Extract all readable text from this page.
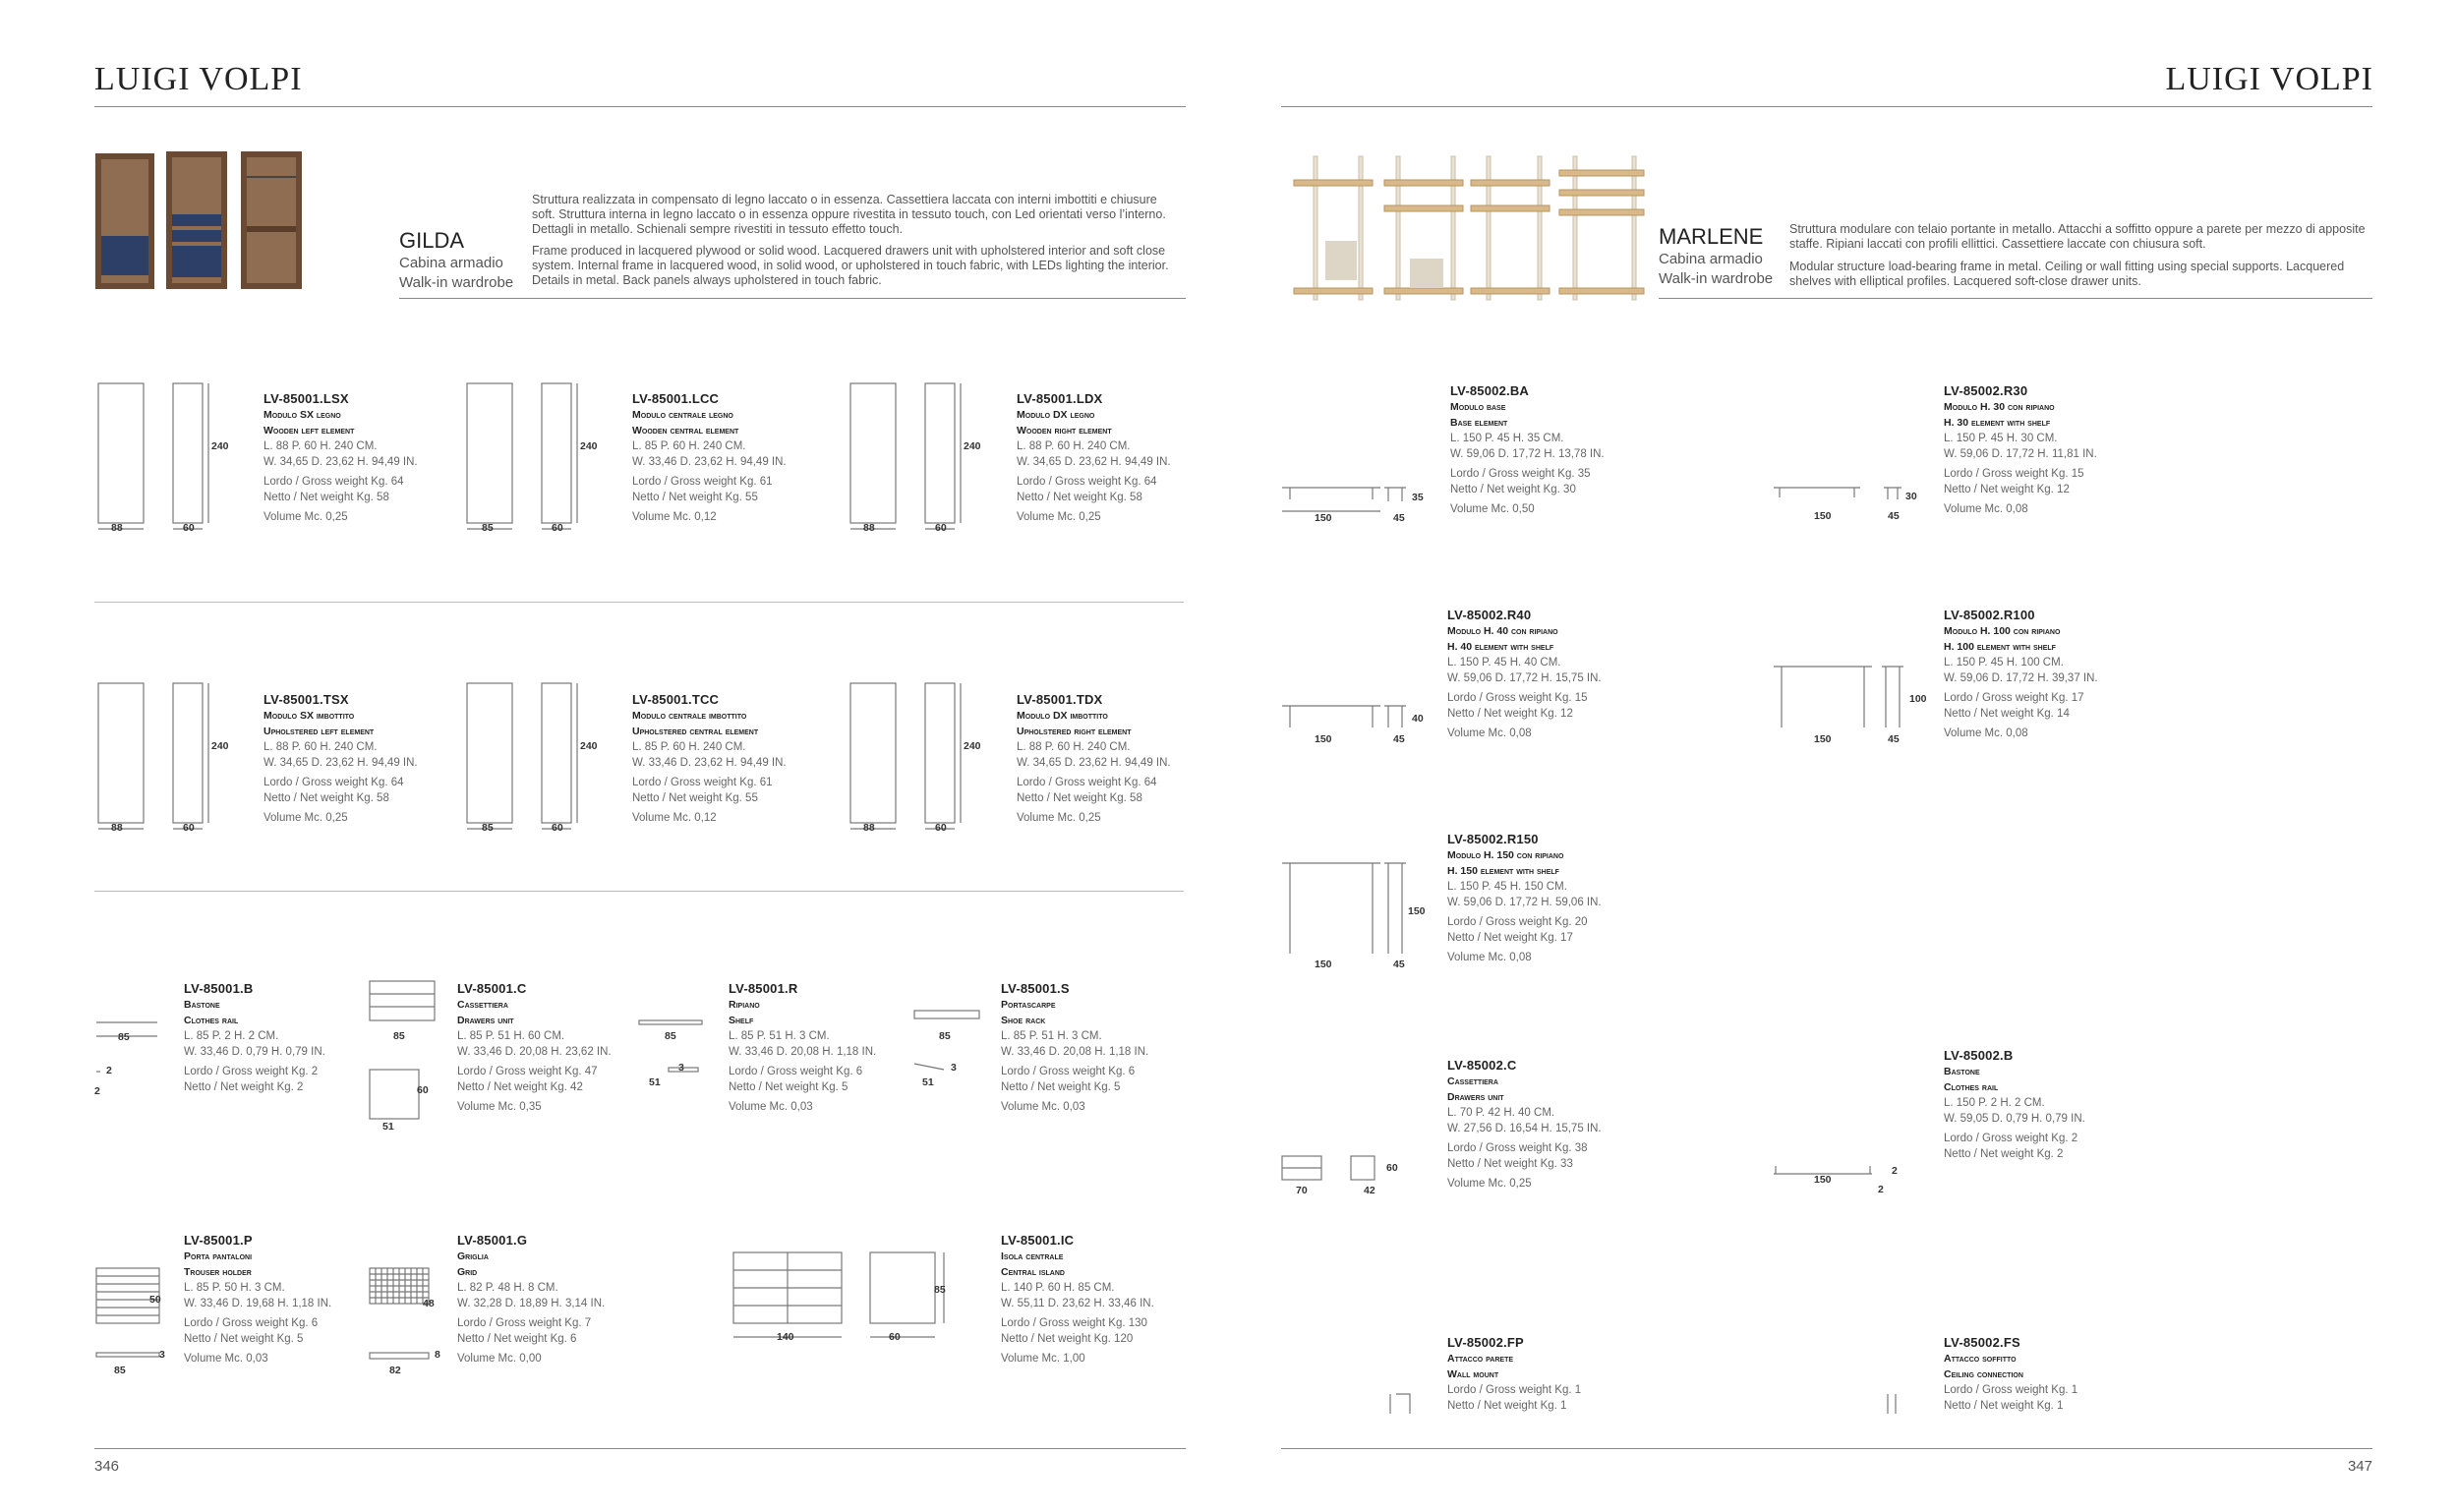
LUIGI VOLPI
GILDA
Cabina armadio
Walk-in wardrobe
Struttura realizzata in compensato di legno laccato o in essenza. Cassettiera laccata con interni imbottiti e chiusure soft. Struttura interna in legno laccato o in essenza oppure rivestita in tessuto touch, con Led orientati verso l’interno. Dettagli in metallo. Schienali sempre rivestiti in tessuto effetto touch.
Frame produced in lacquered plywood or solid wood. Lacquered drawers unit with upholstered interior and soft close system. Internal frame in lacquered wood, in solid wood, or upholstered in touch fabric, with LEDs lighting the interior. Details in metal. Back panels always upholstered in touch fabric.
88	60
240
85	60
240
88	60
240
88	60
240
85	60
240
88	60
240
LV-85001.LSX
Modulo SX legno
Wooden left element
L. 88 P. 60 H. 240 CM.
W. 34,65 D. 23,62 H. 94,49 IN.
Lordo / Gross weight Kg. 64
Netto / Net weight Kg. 58
Volume Mc. 0,25
LV-85001.LCC
Modulo centrale legno
Wooden central element
L. 85 P. 60 H. 240 CM.
W. 33,46 D. 23,62 H. 94,49 IN.
Lordo / Gross weight Kg. 61
Netto / Net weight Kg. 55
Volume Mc. 0,12
LV-85001.LDX
Modulo DX legno
Wooden right element
L. 88 P. 60 H. 240 CM.
W. 34,65 D. 23,62 H. 94,49 IN.
Lordo / Gross weight Kg. 64
Netto / Net weight Kg. 58
Volume Mc. 0,25
LV-85001.TSX
Modulo SX imbottito
Upholstered left element
L. 88 P. 60 H. 240 CM.
W. 34,65 D. 23,62 H. 94,49 IN.
Lordo / Gross weight Kg. 64
Netto / Net weight Kg. 58
Volume Mc. 0,25
LV-85001.TCC
Modulo centrale imbottito
Upholstered central element
L. 85 P. 60 H. 240 CM.
W. 33,46 D. 23,62 H. 94,49 IN.
Lordo / Gross weight Kg. 61
Netto / Net weight Kg. 55
Volume Mc. 0,12
LV-85001.TDX
Modulo DX imbottito
Upholstered right element
L. 88 P. 60 H. 240 CM.
W. 34,65 D. 23,62 H. 94,49 IN.
Lordo / Gross weight Kg. 64
Netto / Net weight Kg. 58
Volume Mc. 0,25
85
2
2
85
60
51
85
3
51
85
3
51
50
3
85
48
8
82
140	60
85
LV-85001.B
Bastone
Clothes rail
L. 85 P. 2 H. 2 CM.
W. 33,46 D. 0,79 H. 0,79 IN.
Lordo / Gross weight Kg. 2
Netto / Net weight Kg. 2
LV-85001.C
Cassettiera
Drawers unit
L. 85 P. 51 H. 60 CM.
W. 33,46 D. 20,08 H. 23,62 IN.
Lordo / Gross weight Kg. 47
Netto / Net weight Kg. 42
Volume Mc. 0,35
LV-85001.R
Ripiano
Shelf
L. 85 P. 51 H. 3 CM.
W. 33,46 D. 20,08 H. 1,18 IN.
Lordo / Gross weight Kg. 6
Netto / Net weight Kg. 5
Volume Mc. 0,03
LV-85001.S
Portascarpe
Shoe rack
L. 85 P. 51 H. 3 CM.
W. 33,46 D. 20,08 H. 1,18 IN.
Lordo / Gross weight Kg. 6
Netto / Net weight Kg. 5
Volume Mc. 0,03
LV-85001.P
Porta pantaloni
Trouser holder
L. 85 P. 50 H. 3 CM.
W. 33,46 D. 19,68 H. 1,18 IN.
Lordo / Gross weight Kg. 6
Netto / Net weight Kg. 5
Volume Mc. 0,03
LV-85001.G
Griglia
Grid
L. 82 P. 48 H. 8 CM.
W. 32,28 D. 18,89 H. 3,14 IN.
Lordo / Gross weight Kg. 7
Netto / Net weight Kg. 6
Volume Mc. 0,00
LV-85001.IC
Isola centrale
Central island
L. 140 P. 60 H. 85 CM.
W. 55,11 D. 23,62 H. 33,46 IN.
Lordo / Gross weight Kg. 130
Netto / Net weight Kg. 120
Volume Mc. 1,00
346
LUIGI VOLPI
MARLENE
Cabina armadio
Walk-in wardrobe
Struttura modulare con telaio portante in metallo. Attacchi a soffitto oppure a parete per mezzo di apposite staffe. Ripiani laccati con profili ellittici. Cassettiere laccate con chiusura soft.
Modular structure load-bearing frame in metal. Ceiling or wall fitting using special supports. Lacquered shelves with elliptical profiles. Lacquered soft-close drawer units.
150	45
35
150	45
30
150	45
40
150	45
100
150	45
150
70	42
60
150
2
2
LV-85002.BA
Modulo base
Base element
L. 150 P. 45 H. 35 CM.
W. 59,06 D. 17,72 H. 13,78 IN.
Lordo / Gross weight Kg. 35
Netto / Net weight Kg. 30
Volume Mc. 0,50
LV-85002.R30
Modulo H. 30 con ripiano
H. 30 element with shelf
L. 150 P. 45 H. 30 CM.
W. 59,06 D. 17,72 H. 11,81 IN.
Lordo / Gross weight Kg. 15
Netto / Net weight Kg. 12
Volume Mc. 0,08
LV-85002.R40
Modulo H. 40 con ripiano
H. 40 element with shelf
L. 150 P. 45 H. 40 CM.
W. 59,06 D. 17,72 H. 15,75 IN.
Lordo / Gross weight Kg. 15
Netto / Net weight Kg. 12
Volume Mc. 0,08
LV-85002.R100
Modulo H. 100 con ripiano
H. 100 element with shelf
L. 150 P. 45 H. 100 CM.
W. 59,06 D. 17,72 H. 39,37 IN.
Lordo / Gross weight Kg. 17
Netto / Net weight Kg. 14
Volume Mc. 0,08
LV-85002.R150
Modulo H. 150 con ripiano
H. 150 element with shelf
L. 150 P. 45 H. 150 CM.
W. 59,06 D. 17,72 H. 59,06 IN.
Lordo / Gross weight Kg. 20
Netto / Net weight Kg. 17
Volume Mc. 0,08
LV-85002.C
Cassettiera
Drawers unit
L. 70 P. 42 H. 40 CM.
W. 27,56 D. 16,54 H. 15,75 IN.
Lordo / Gross weight Kg. 38
Netto / Net weight Kg. 33
Volume Mc. 0,25
LV-85002.B
Bastone
Clothes rail
L. 150 P. 2 H. 2 CM.
W. 59,05 D. 0,79 H. 0,79 IN.
Lordo / Gross weight Kg. 2
Netto / Net weight Kg. 2
LV-85002.FP
Attacco parete
Wall mount
Lordo / Gross weight Kg. 1
Netto / Net weight Kg. 1
LV-85002.FS
Attacco soffitto
Ceiling connection
Lordo / Gross weight Kg. 1
Netto / Net weight Kg. 1
347
